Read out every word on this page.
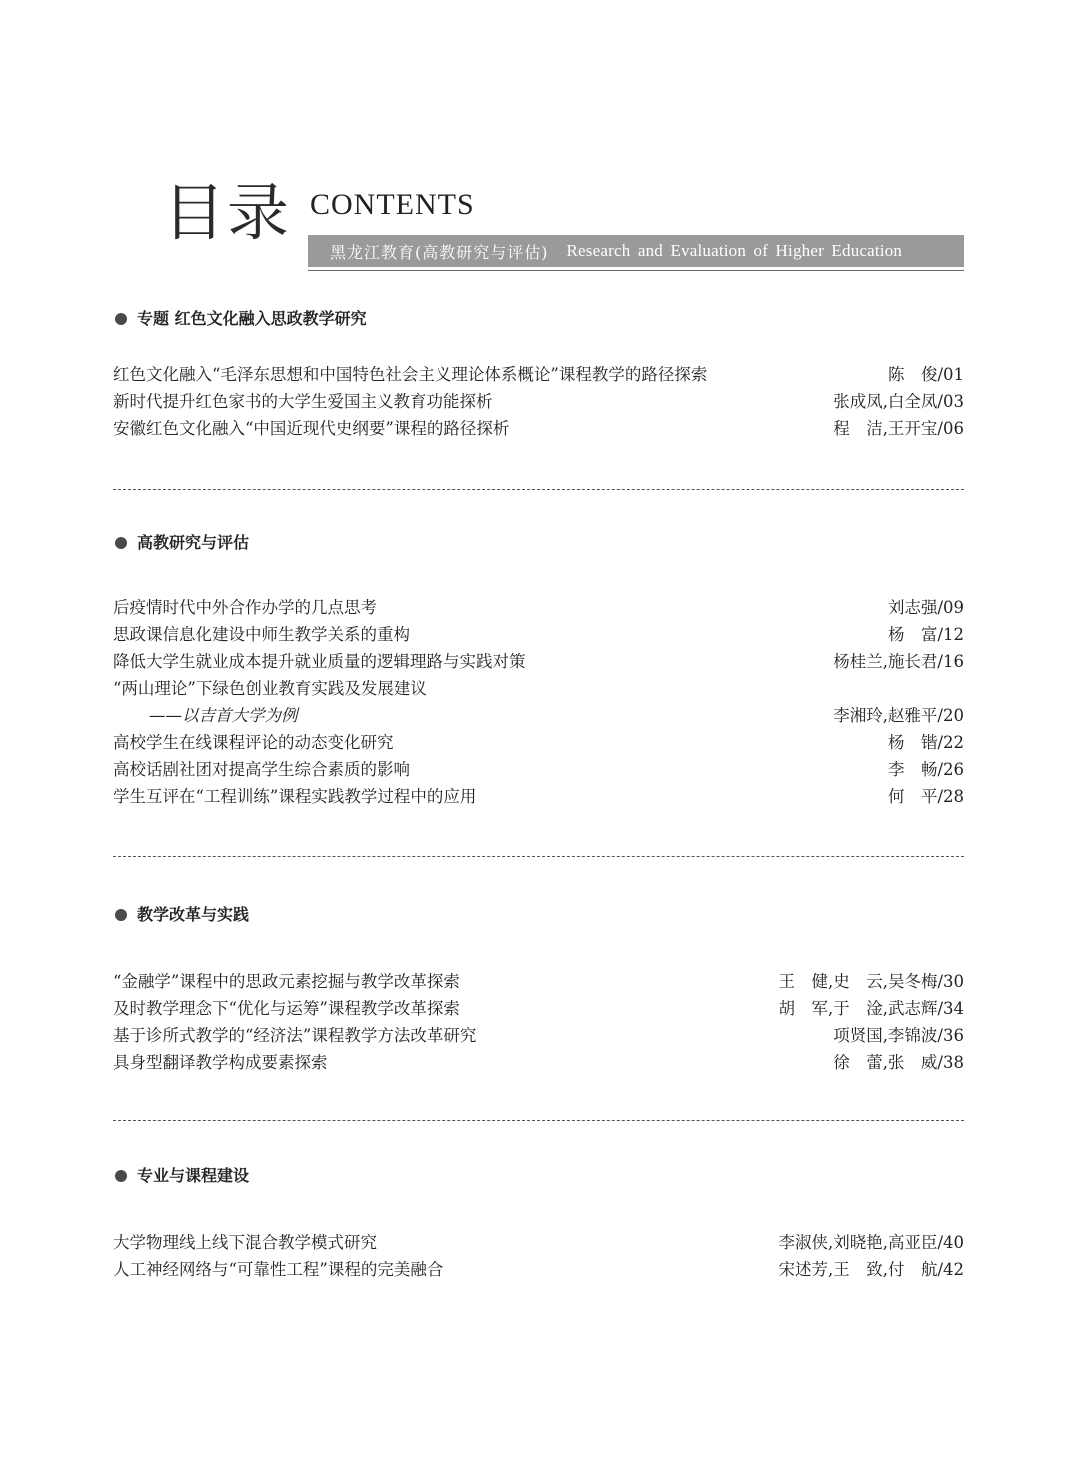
目录 CONTENTS
黑龙江教育(高教研究与评估) Research and Evaluation of Higher Education
专题 红色文化融入思政教学研究
红色文化融入“毛泽东思想和中国特色社会主义理论体系概论”课程教学的路径探索	陈　俊/01
新时代提升红色家书的大学生爱国主义教育功能探析	张成凤,白全凤/03
安徽红色文化融入“中国近现代史纲要”课程的路径探析	程　洁,王开宝/06
高教研究与评估
后疫情时代中外合作办学的几点思考	刘志强/09
思政课信息化建设中师生教学关系的重构	杨　富/12
降低大学生就业成本提升就业质量的逻辑理路与实践对策	杨桂兰,施长君/16
“两山理论”下绿色创业教育实践及发展建议
——以吉首大学为例	李湘玲,赵雅平/20
高校学生在线课程评论的动态变化研究	杨　锴/22
高校话剧社团对提高学生综合素质的影响	李　畅/26
学生互评在“工程训练”课程实践教学过程中的应用	何　平/28
教学改革与实践
“金融学”课程中的思政元素挖掘与教学改革探索	王　健,史　云,吴冬梅/30
及时教学理念下“优化与运筹”课程教学改革探索	胡　军,于　淦,武志辉/34
基于诊所式教学的“经济法”课程教学方法改革研究	项贤国,李锦波/36
具身型翻译教学构成要素探索	徐　蕾,张　威/38
专业与课程建设
大学物理线上线下混合教学模式研究	李淑侠,刘晓艳,高亚臣/40
人工神经网络与“可靠性工程”课程的完美融合	宋述芳,王　致,付　航/42
